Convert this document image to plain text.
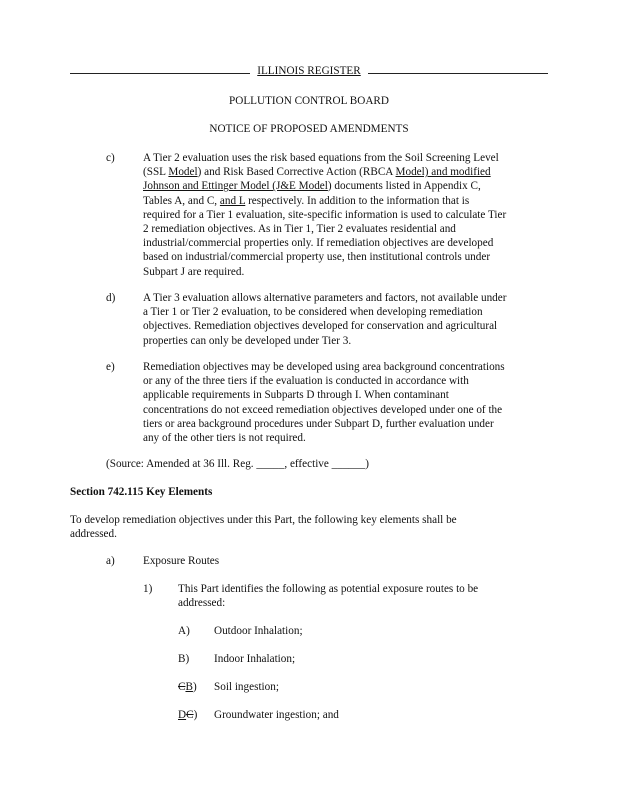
ILLINOIS REGISTER
POLLUTION CONTROL BOARD
NOTICE OF PROPOSED AMENDMENTS
c)	A Tier 2 evaluation uses the risk based equations from the Soil Screening Level
(SSL Model) and Risk Based Corrective Action (RBCA Model) and modified
Johnson and Ettinger Model (J&E Model) documents listed in Appendix C,
Tables A, and C, and L respectively. In addition to the information that is
required for a Tier 1 evaluation, site-specific information is used to calculate Tier
2 remediation objectives. As in Tier 1, Tier 2 evaluates residential and
industrial/commercial properties only. If remediation objectives are developed
based on industrial/commercial property use, then institutional controls under
Subpart J are required.
d) A Tier 3 evaluation allows alternative parameters and factors, not available under
a Tier 1 or Tier 2 evaluation, to be considered when developing remediation
objectives. Remediation objectives developed for conservation and agricultural
properties can only be developed under Tier 3.
e)	Remediation objectives may be developed using area background concentrations
or any of the three tiers if the evaluation is conducted in accordance with
applicable requirements in Subparts D through I. When contaminant
concentrations do not exceed remediation objectives developed under one of the
tiers or area background procedures under Subpart D, further evaluation under
any of the other tiers is not required.
(Source: Amended at 36 Ill. Reg. _____, effective ______)
Section 742.115 Key Elements
To develop remediation objectives under this Part, the following key elements shall be
addressed.
a)	Exposure Routes
1) This Part identifies the following as potential exposure routes to be
addressed:
A) Outdoor Inhalation;
B) Indoor Inhalation;
CB) Soil ingestion;
DC) Groundwater ingestion; and
